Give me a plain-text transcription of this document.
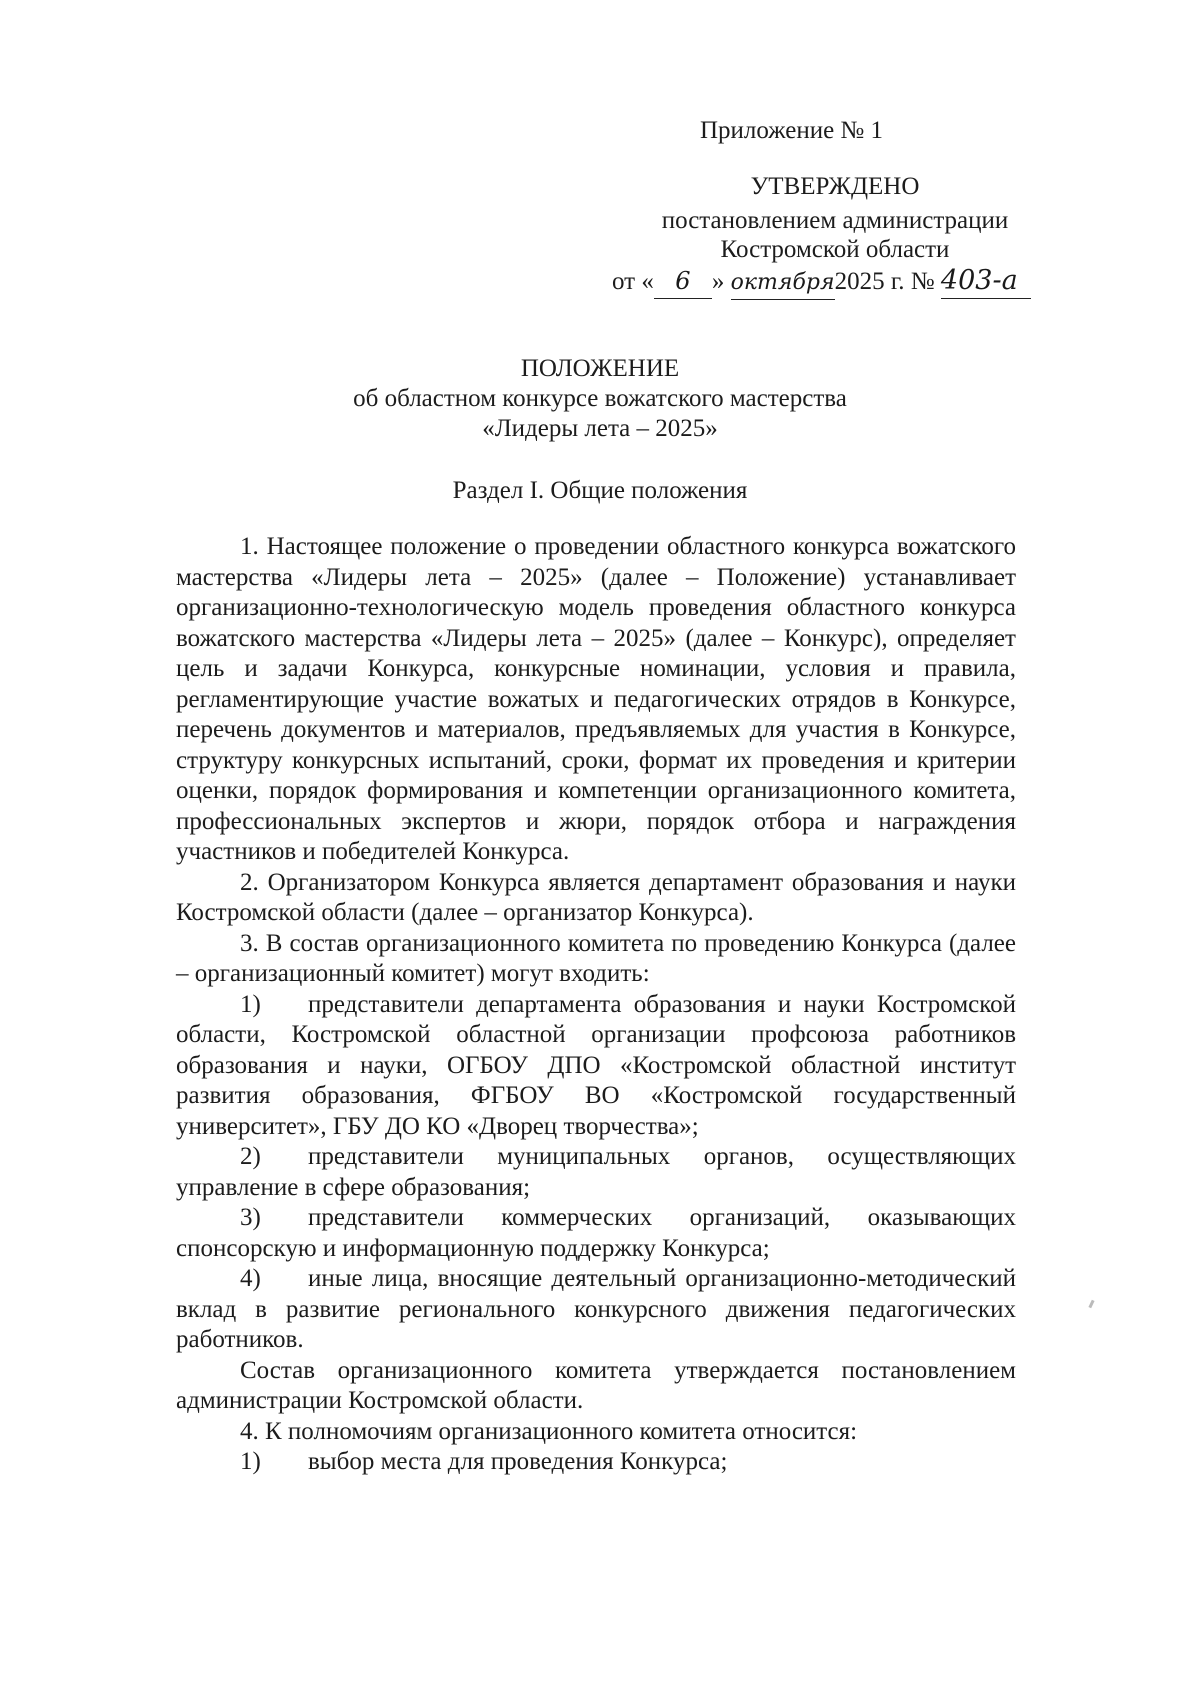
Приложение № 1
УТВЕРЖДЕНО
постановлением администрации
Костромской области
от « 6 » октября2025 г. № 403-а
ПОЛОЖЕНИЕ
об областном конкурсе вожатского мастерства
«Лидеры лета – 2025»
Раздел I. Общие положения

1. Настоящее положение о проведении областного конкурса вожатского мастерства «Лидеры лета – 2025» (далее – Положение) устанавливает организационно-технологическую модель проведения областного конкурса вожатского мастерства «Лидеры лета – 2025» (далее – Конкурс), определяет цель и задачи Конкурса, конкурсные номинации, условия и правила, регламентирующие участие вожатых и педагогических отрядов в Конкурсе, перечень документов и материалов, предъявляемых для участия в Конкурсе, структуру конкурсных испытаний, сроки, формат их проведения и критерии оценки, порядок формирования и компетенции организационного комитета, профессиональных экспертов и жюри, порядок отбора и награждения участников и победителей Конкурса.

2. Организатором Конкурса является департамент образования и науки Костромской области (далее – организатор Конкурса).

3. В состав организационного комитета по проведению Конкурса (далее – организационный комитет) могут входить:

1) представители департамента образования и науки Костромской области, Костромской областной организации профсоюза работников образования и науки, ОГБОУ ДПО «Костромской областной институт развития образования, ФГБОУ ВО «Костромской государственный университет», ГБУ ДО КО «Дворец творчества»;

2) представители муниципальных органов, осуществляющих управление в сфере образования;

3) представители коммерческих организаций, оказывающих спонсорскую и информационную поддержку Конкурса;

4) иные лица, вносящие деятельный организационно-методический вклад в развитие регионального конкурсного движения педагогических работников.

Состав организационного комитета утверждается постановлением администрации Костромской области.

4. К полномочиям организационного комитета относится:

1) выбор места для проведения Конкурса;
